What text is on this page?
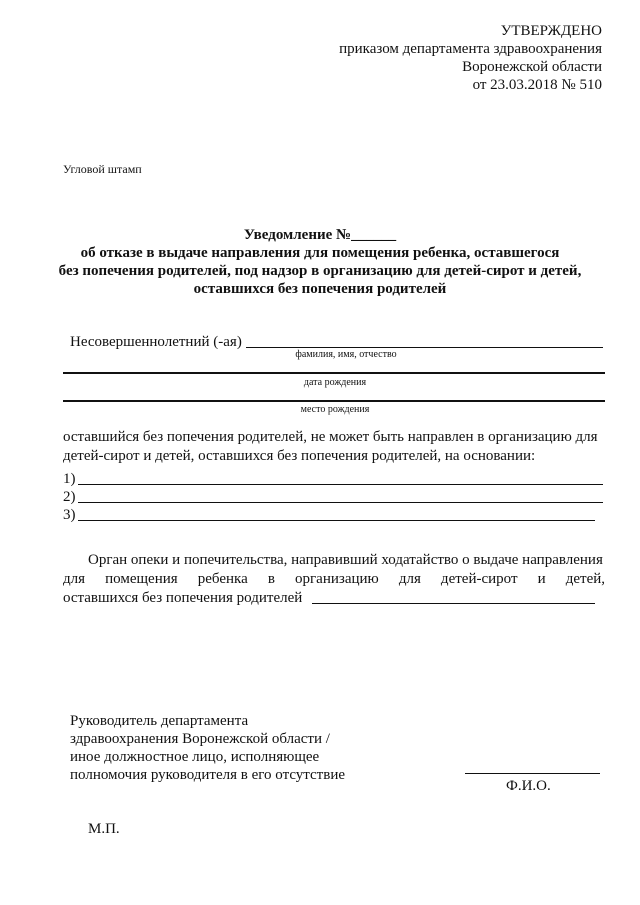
УТВЕРЖДЕНО
приказом департамента здравоохранения
Воронежской области
от 23.03.2018 № 510
Угловой штамп
Уведомление №______
об отказе в выдаче направления для помещения ребенка, оставшегося
без попечения родителей, под надзор в организацию для детей-сирот и детей,
оставшихся без попечения родителей
Несовершеннолетний (-ая)
фамилия, имя, отчество
дата рождения
место рождения
оставшийся без попечения родителей, не может быть направлен в организацию для
детей-сирот и детей, оставшихся без попечения родителей, на основании:
1)
2)
3)
Орган опеки и попечительства, направивший ходатайство о выдаче направления
для помещения ребенка в организацию для детей-сирот и детей,
оставшихся без попечения родителей
Руководитель департамента
здравоохранения Воронежской области /
иное должностное лицо, исполняющее
полномочия руководителя в его отсутствие
Ф.И.О.
М.П.
